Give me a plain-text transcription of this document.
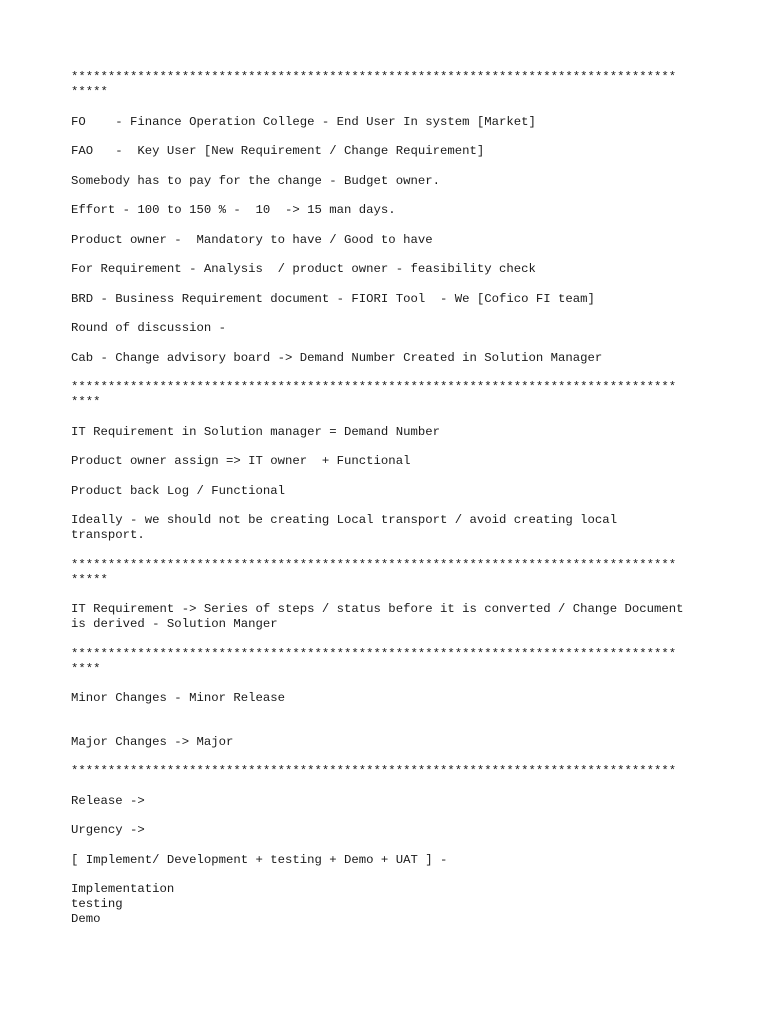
**********************************************************************************
*****
FO    - Finance Operation College - End User In system [Market]
FAO   -  Key User [New Requirement / Change Requirement]
Somebody has to pay for the change - Budget owner.
Effort - 100 to 150 % -  10  -> 15 man days.
Product owner -  Mandatory to have / Good to have
For Requirement - Analysis  / product owner - feasibility check
BRD - Business Requirement document - FIORI Tool  - We [Cofico FI team]
Round of discussion -
Cab - Change advisory board -> Demand Number Created in Solution Manager
**********************************************************************************
****
IT Requirement in Solution manager = Demand Number
Product owner assign => IT owner  + Functional
Product back Log / Functional
Ideally - we should not be creating Local transport / avoid creating local
transport.
**********************************************************************************
*****
IT Requirement -> Series of steps / status before it is converted / Change Document
is derived - Solution Manger
**********************************************************************************
****
Minor Changes - Minor Release
Major Changes -> Major
**********************************************************************************
Release ->
Urgency ->
[ Implement/ Development + testing + Demo + UAT ] -
Implementation
testing
Demo
